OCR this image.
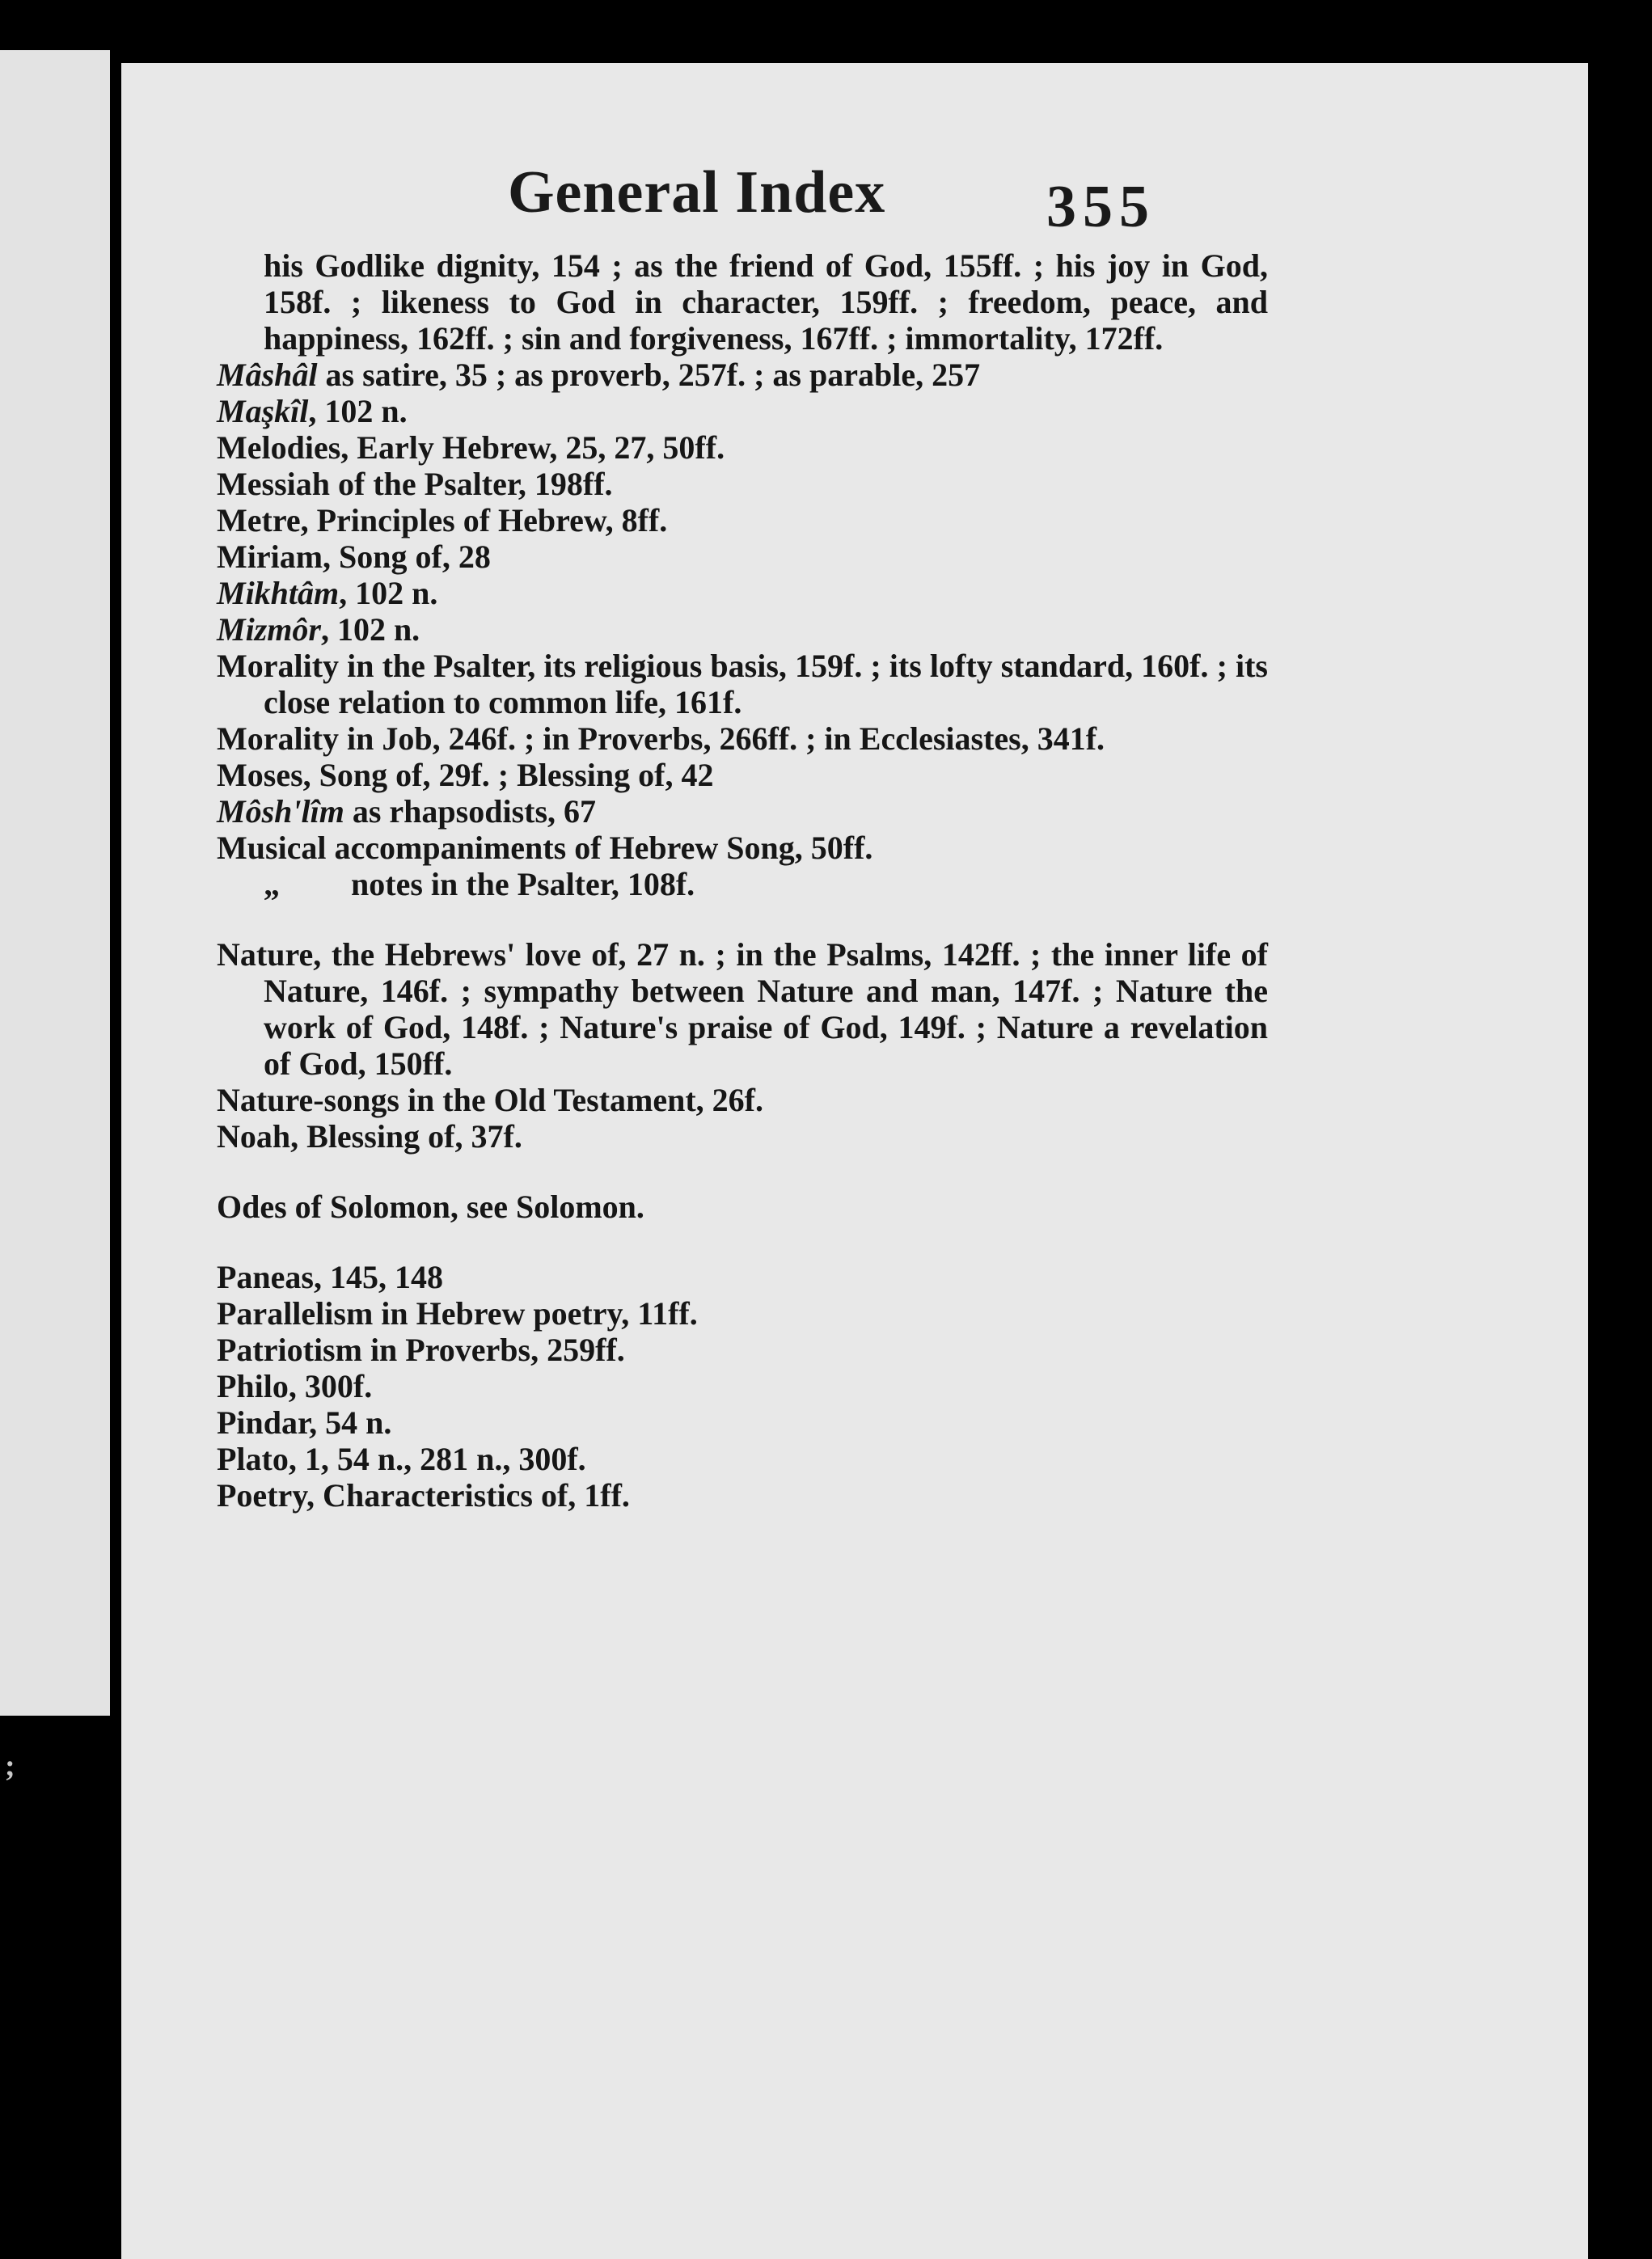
;
General Index	355
his Godlike dignity, 154 ; as the friend of God, 155ff. ; his joy in God, 158f. ; likeness to God in character, 159ff. ; freedom, peace, and happiness, 162ff. ; sin and forgiveness, 167ff. ; immortality, 172ff.
Mâshâl as satire, 35 ; as proverb, 257f. ; as parable, 257
Maşkîl, 102 n.
Melodies, Early Hebrew, 25, 27, 50ff.
Messiah of the Psalter, 198ff.
Metre, Principles of Hebrew, 8ff.
Miriam, Song of, 28
Mikhtâm, 102 n.
Mizmôr, 102 n.
Morality in the Psalter, its religious basis, 159f. ; its lofty standard, 160f. ; its close relation to common life, 161f.
Morality in Job, 246f. ; in Proverbs, 266ff. ; in Ecclesiastes, 341f.
Moses, Song of, 29f. ; Blessing of, 42
Môsh'lîm as rhapsodists, 67
Musical accompaniments of Hebrew Song, 50ff.
„ notes in the Psalter, 108f.
Nature, the Hebrews' love of, 27 n. ; in the Psalms, 142ff. ; the inner life of Nature, 146f. ; sympathy between Nature and man, 147f. ; Nature the work of God, 148f. ; Nature's praise of God, 149f. ; Nature a revelation of God, 150ff.
Nature-songs in the Old Testament, 26f.
Noah, Blessing of, 37f.
Odes of Solomon, see Solomon.
Paneas, 145, 148
Parallelism in Hebrew poetry, 11ff.
Patriotism in Proverbs, 259ff.
Philo, 300f.
Pindar, 54 n.
Plato, 1, 54 n., 281 n., 300f.
Poetry, Characteristics of, 1ff.
